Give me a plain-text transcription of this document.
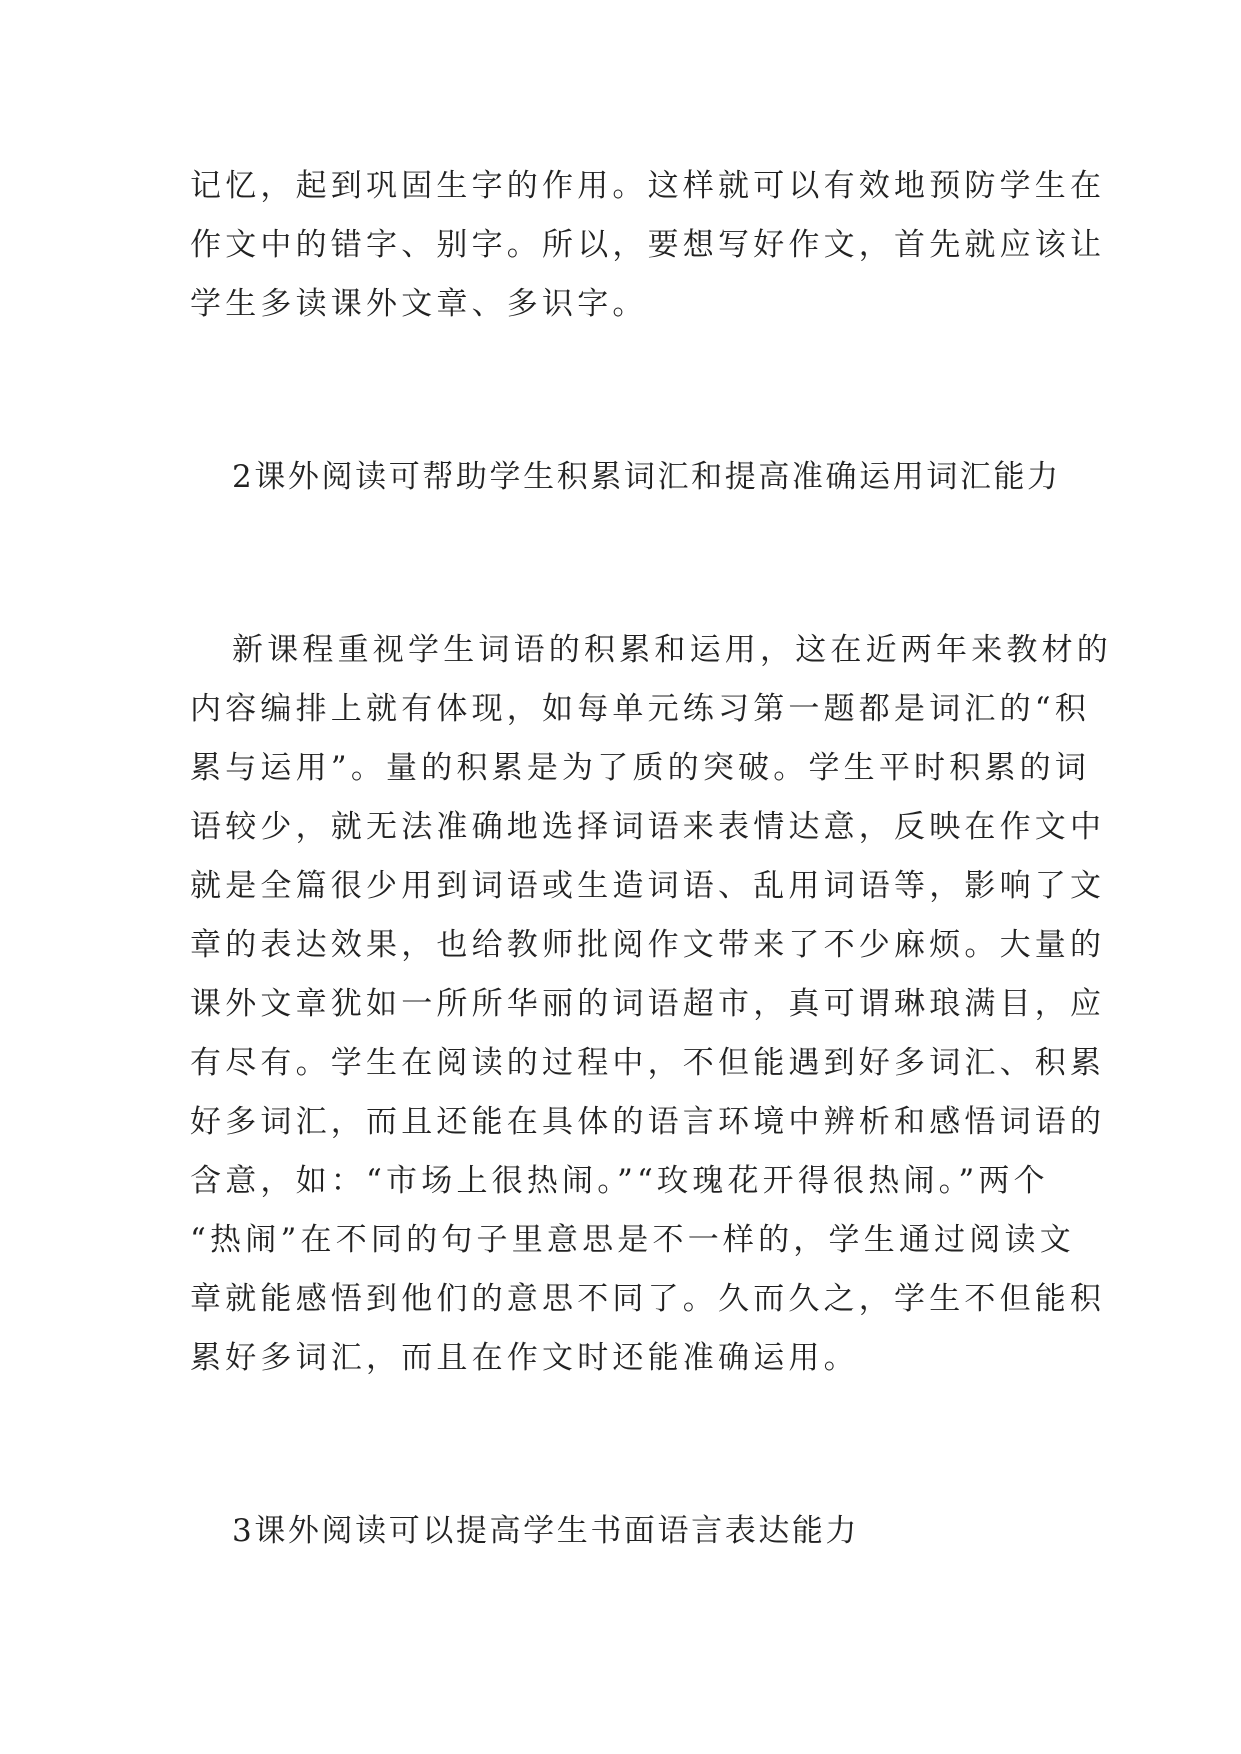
记忆，起到巩固生字的作用。这样就可以有效地预防学生在
作文中的错字、别字。所以，要想写好作文，首先就应该让
学生多读课外文章、多识字。
2课外阅读可帮助学生积累词汇和提高准确运用词汇能力
新课程重视学生词语的积累和运用，这在近两年来教材的
内容编排上就有体现，如每单元练习第一题都是词汇的“积
累与运用”。量的积累是为了质的突破。学生平时积累的词
语较少，就无法准确地选择词语来表情达意，反映在作文中
就是全篇很少用到词语或生造词语、乱用词语等，影响了文
章的表达效果，也给教师批阅作文带来了不少麻烦。大量的
课外文章犹如一所所华丽的词语超市，真可谓琳琅满目，应
有尽有。学生在阅读的过程中，不但能遇到好多词汇、积累
好多词汇，而且还能在具体的语言环境中辨析和感悟词语的
含意，如：“市场上很热闹。”“玫瑰花开得很热闹。”两个
“热闹”在不同的句子里意思是不一样的，学生通过阅读文
章就能感悟到他们的意思不同了。久而久之，学生不但能积
累好多词汇，而且在作文时还能准确运用。
3课外阅读可以提高学生书面语言表达能力
